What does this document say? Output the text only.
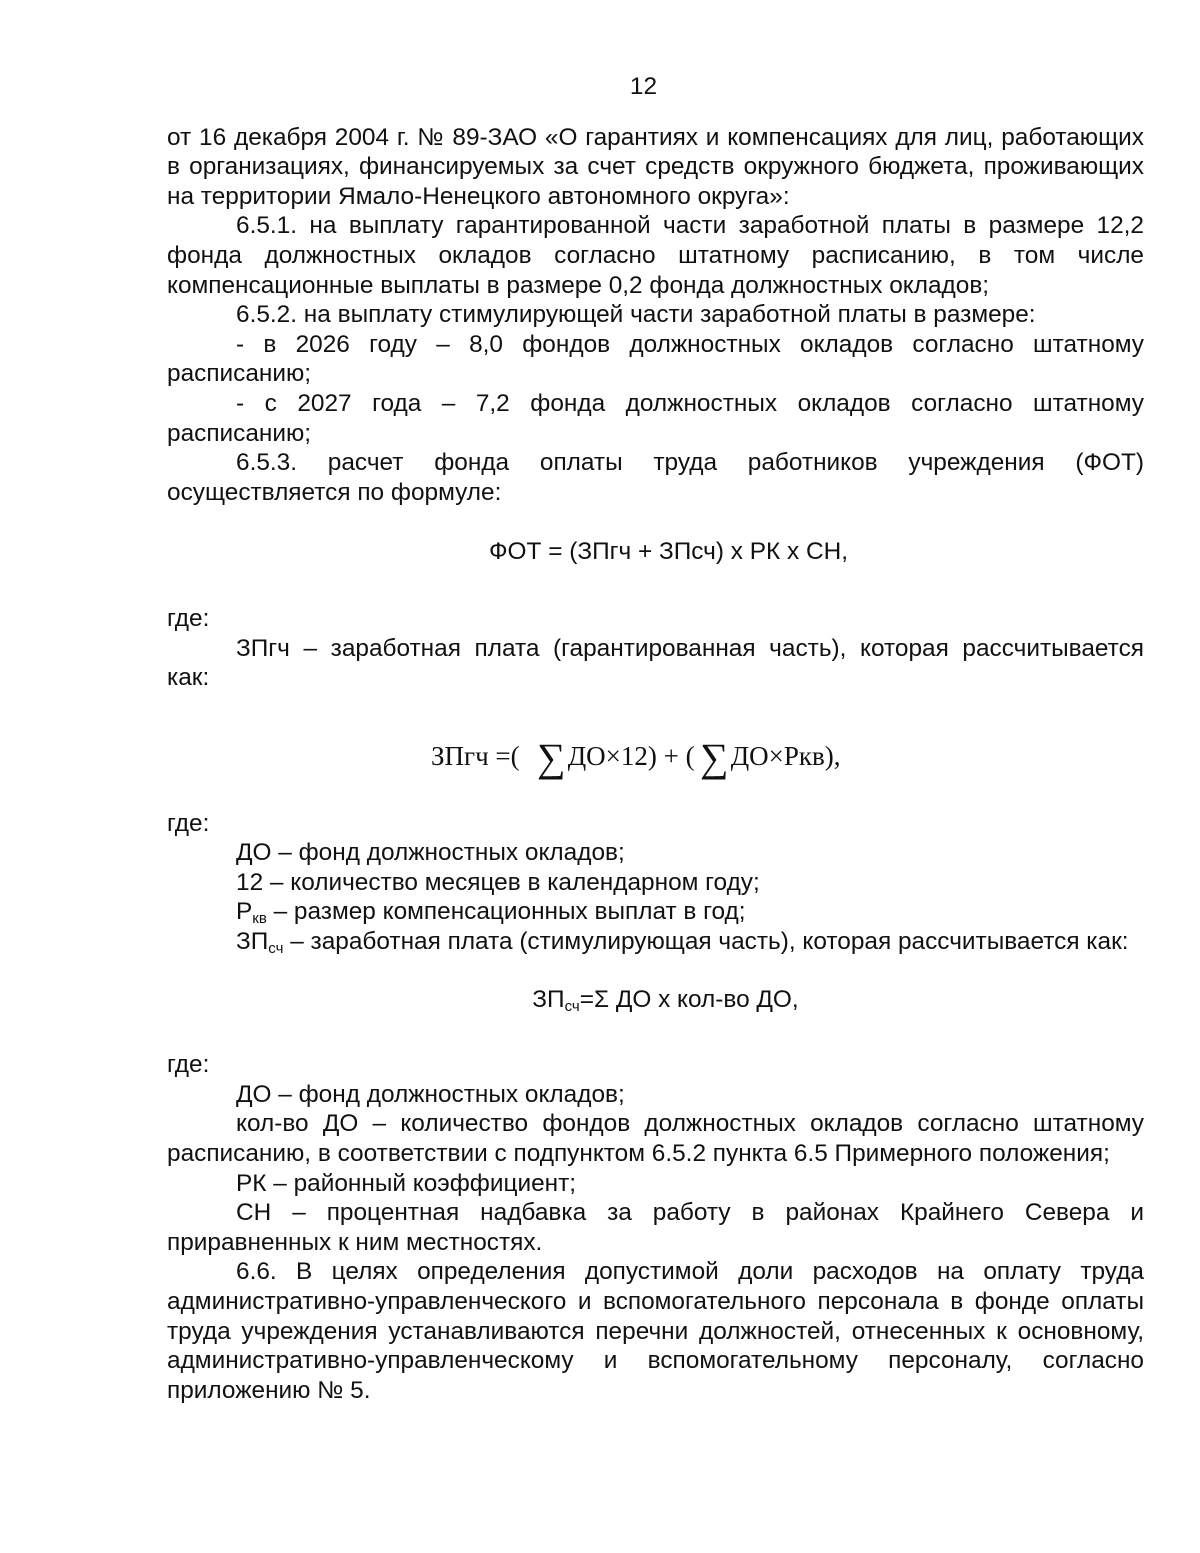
12

от 16 декабря 2004 г. № 89-ЗАО «О гарантиях и компенсациях для лиц, работающих в организациях, финансируемых за счет средств окружного бюджета, проживающих на территории Ямало-Ненецкого автономного округа»:

6.5.1. на выплату гарантированной части заработной платы в размере 12,2 фонда должностных окладов согласно штатному расписанию, в том числе компенсационные выплаты в размере 0,2 фонда должностных окладов;

6.5.2. на выплату стимулирующей части заработной платы в размере:

- в 2026 году – 8,0 фондов должностных окладов согласно штатному расписанию;

- с 2027 года – 7,2 фонда должностных окладов согласно штатному расписанию;

6.5.3. расчет фонда оплаты труда работников учреждения (ФОТ) осуществляется по формуле:

ФОТ = (ЗПгч + ЗПсч) х РК х СН,

где:

ЗПгч – заработная плата (гарантированная часть), которая рассчитывается как:

ЗПгч =( ∑
ДО×12) + ( ∑
ДО×Ркв),

где:

ДО – фонд должностных окладов;

12 – количество месяцев в календарном году;

$Р_{кв}$ – размер компенсационных выплат в год;

$ЗП_{сч}$ – заработная плата (стимулирующая часть), которая рассчитывается как:

$ЗП_{сч}=\Sigma$ ДО х кол-во ДО,

где:

ДО – фонд должностных окладов;

кол-во ДО – количество фондов должностных окладов согласно штатному расписанию, в соответствии с подпунктом 6.5.2 пункта 6.5 Примерного положения;

РК – районный коэффициент;

СН – процентная надбавка за работу в районах Крайнего Севера и приравненных к ним местностях.

6.6. В целях определения допустимой доли расходов на оплату труда административно-управленческого и вспомогательного персонала в фонде оплаты труда учреждения устанавливаются перечни должностей, отнесенных к основному, административно-управленческому и вспомогательному персоналу, согласно приложению № 5.
